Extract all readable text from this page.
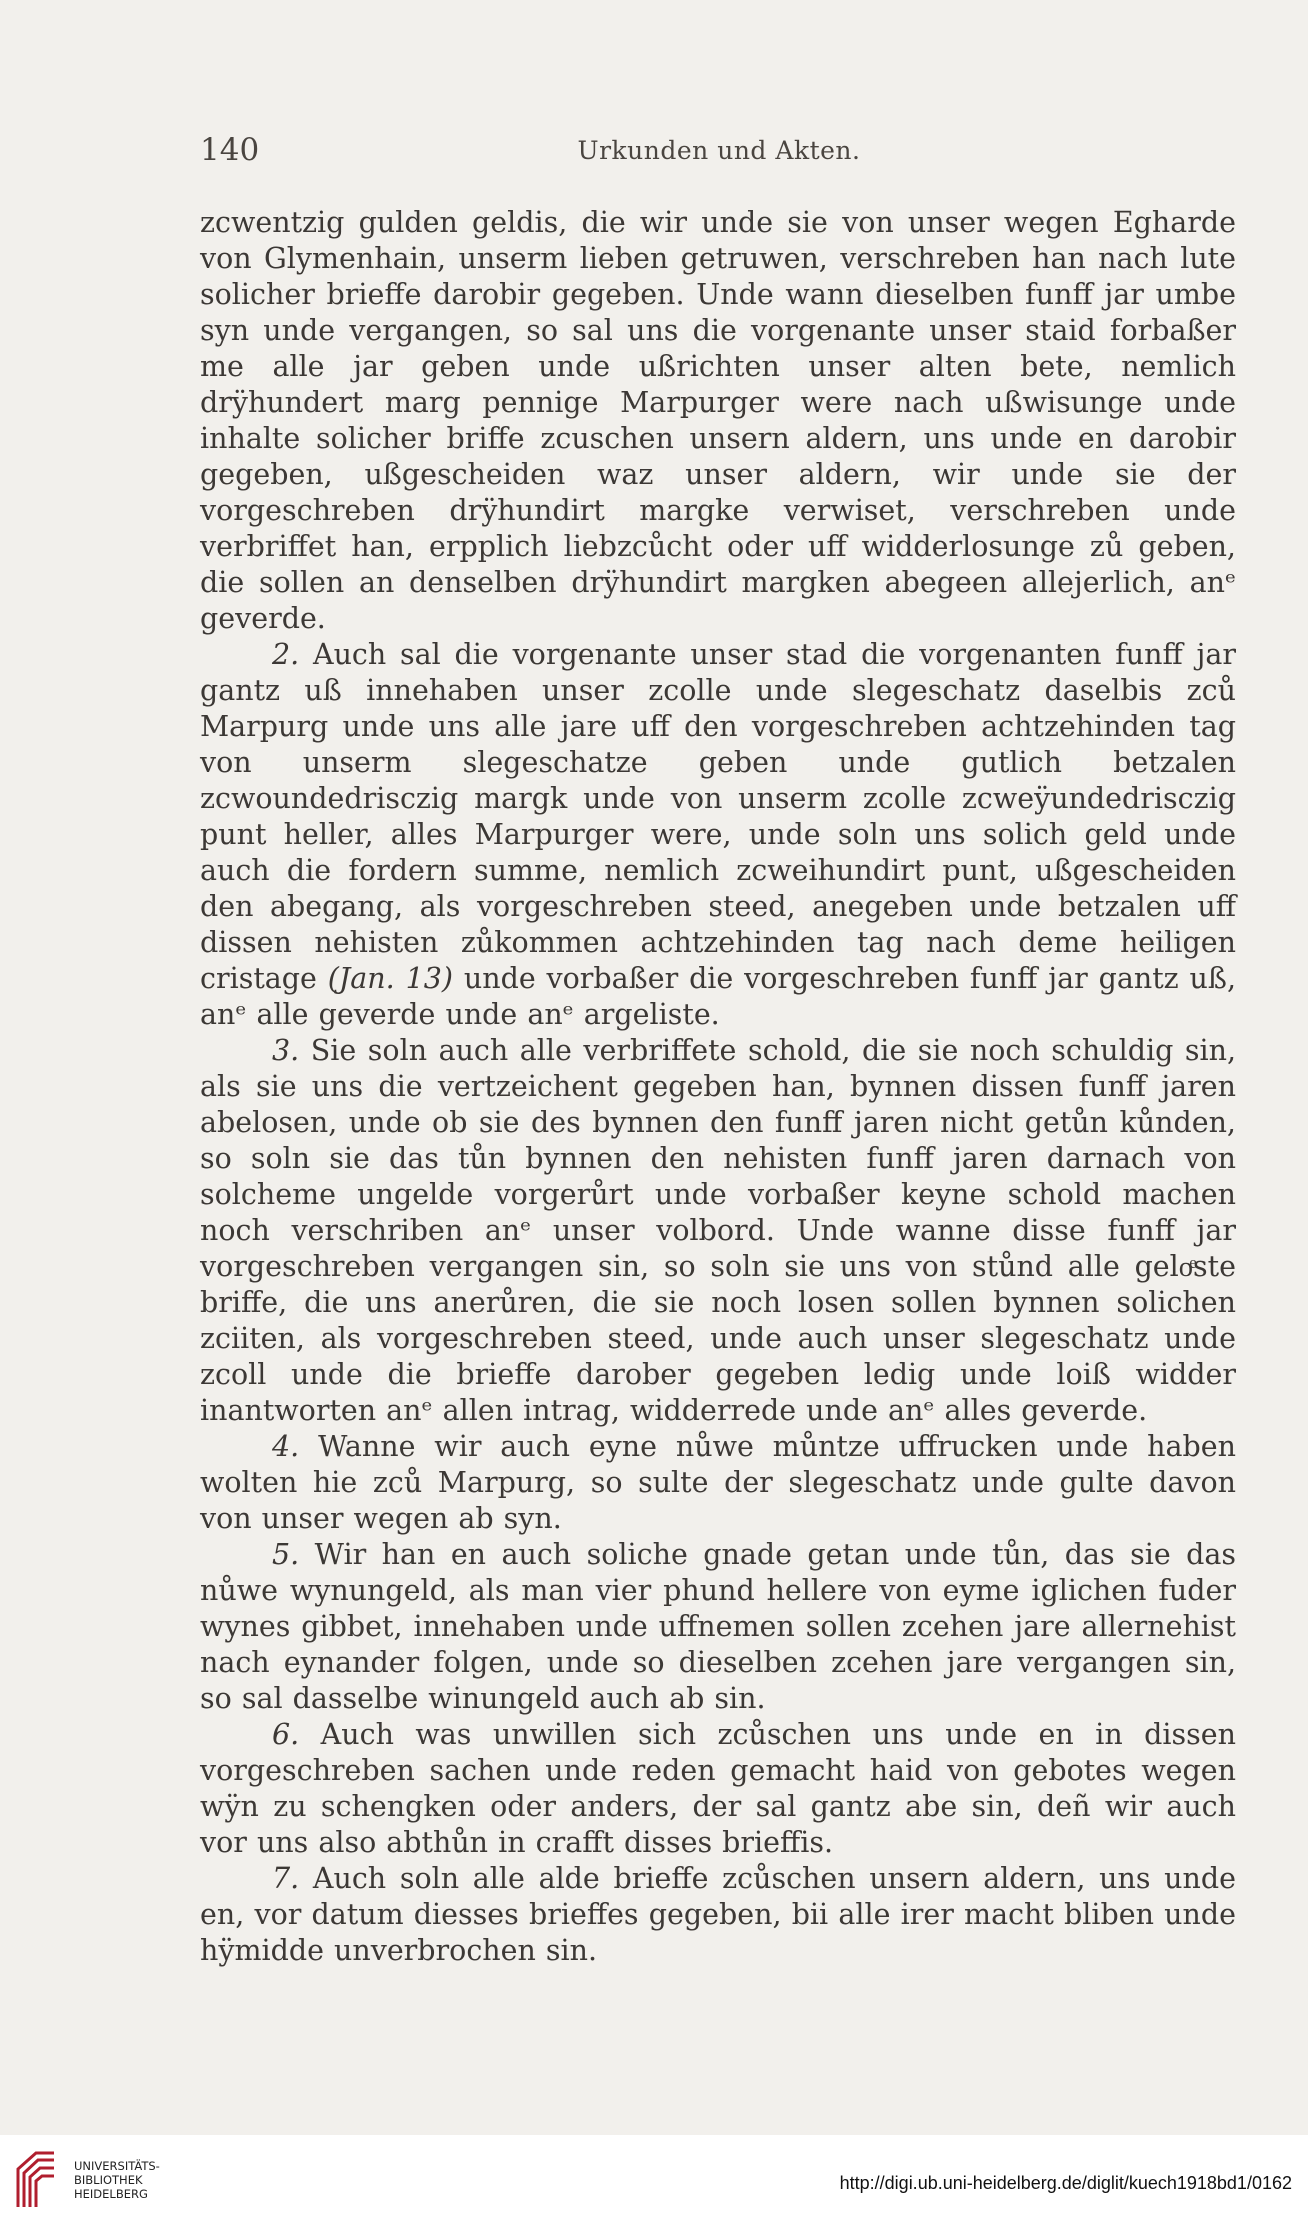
140	Urkunden und Akten.

zcwentzig gulden geldis, die wir unde sie von unser wegen Egharde von Glymenhain, unserm lieben getruwen, verschreben han nach lute solicher brieffe darobir gegeben. Unde wann dieselben funff jar umbe syn unde vergangen, so sal uns die vorgenante unser staid forbaßer me alle jar geben unde ußrichten unser alten bete, nemlich drÿhundert marg pennige Marpurger were nach ußwisunge unde inhalte solicher briffe zcuschen unsern aldern, uns unde en darobir gegeben, ußgescheiden waz unser aldern, wir unde sie der vorgeschreben drÿhundirt margke verwiset, verschreben unde verbriffet han, erpplich liebzcůcht oder uff widderlosunge zů geben, die sollen an denselben drÿhundirt margken abegeen allejerlich, anᵉ geverde.

2. Auch sal die vorgenante unser stad die vorgenanten funff jar gantz uß innehaben unser zcolle unde slegeschatz daselbis zců Marpurg unde uns alle jare uff den vorgeschreben achtzehinden tag von unserm slegeschatze geben unde gutlich betzalen zcwoundedrisczig margk unde von unserm zcolle zcweÿundedrisczig punt heller, alles Marpurger were, unde soln uns solich geld unde auch die fordern summe, nemlich zcweihundirt punt, ußgescheiden den abegang, als vorgeschreben steed, anegeben unde betzalen uff dissen nehisten zůkommen achtzehinden tag nach deme heiligen cristage (Jan. 13) unde vorbaßer die vorgeschreben funff jar gantz uß, anᵉ alle geverde unde anᵉ argeliste.

3. Sie soln auch alle verbriffete schold, die sie noch schuldig sin, als sie uns die vertzeichent gegeben han, bynnen dissen funff jaren abelosen, unde ob sie des bynnen den funff jaren nicht getůn kůnden, so soln sie das tůn bynnen den nehisten funff jaren darnach von solcheme ungelde vorgerůrt unde vorbaßer keyne schold machen noch verschriben anᵉ unser volbord. Unde wanne disse funff jar vorgeschreben vergangen sin, so soln sie uns von stůnd alle geloͤste briffe, die uns anerůren, die sie noch losen sollen bynnen solichen zciiten, als vorgeschreben steed, unde auch unser slegeschatz unde zcoll unde die brieffe darober gegeben ledig unde loiß widder inantworten anᵉ allen intrag, widderrede unde anᵉ alles geverde.

4. Wanne wir auch eyne nůwe můntze uffrucken unde haben wolten hie zců Marpurg, so sulte der slegeschatz unde gulte davon von unser wegen ab syn.

5. Wir han en auch soliche gnade getan unde tůn, das sie das nůwe wynungeld, als man vier phund hellere von eyme iglichen fuder wynes gibbet, innehaben unde uffnemen sollen zcehen jare allernehist nach eynander folgen, unde so dieselben zcehen jare vergangen sin, so sal dasselbe winungeld auch ab sin.

6. Auch was unwillen sich zcůschen uns unde en in dissen vorgeschreben sachen unde reden gemacht haid von gebotes wegen wÿn zu schengken oder anders, der sal gantz abe sin, deñ wir auch vor uns also abthůn in crafft disses brieffis.

7. Auch soln alle alde brieffe zcůschen unsern aldern, uns unde en, vor datum diesses brieffes gegeben, bii alle irer macht bliben unde hÿmidde unverbrochen sin.

UNIVERSITÄTS-
BIBLIOTHEK
HEIDELBERG
http://digi.ub.uni-heidelberg.de/diglit/kuech1918bd1/0162
